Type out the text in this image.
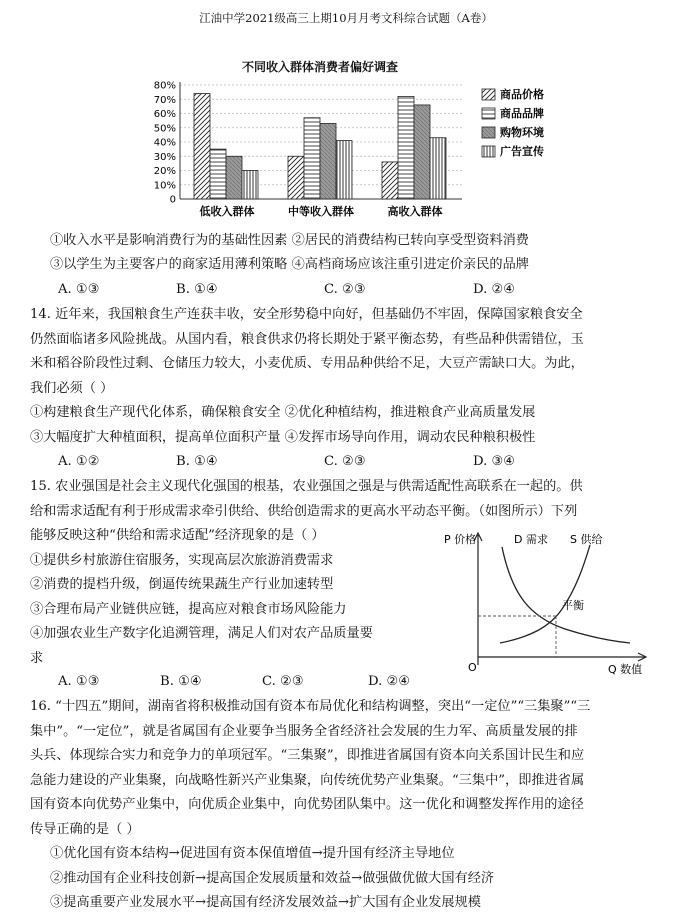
江油中学2021级高三上期10月月考文科综合试题（A卷）
不同收入群体消费者偏好调查
0
10%
20%
30%
40%
50%
60%
70%
80%
低收入群体	中等收入群体	高收入群体
商品价格
商品品牌
购物环境
广告宣传
①收入水平是影响消费行为的基础性因素 ②居民的消费结构已转向享受型资料消费
③以学生为主要客户的商家适用薄利策略 ④高档商场应该注重引进定价亲民的品牌
A. ①③	B. ①④	C. ②③	D. ②④
14. 近年来，我国粮食生产连获丰收，安全形势稳中向好，但基础仍不牢固，保障国家粮食安全
仍然面临诸多风险挑战。从国内看，粮食供求仍将长期处于紧平衡态势，有些品种供需错位，玉
米和稻谷阶段性过剩、仓储压力较大，小麦优质、专用品种供给不足，大豆产需缺口大。为此，
我们必须（ ）
①构建粮食生产现代化体系，确保粮食安全 ②优化种植结构，推进粮食产业高质量发展
③大幅度扩大种植面积，提高单位面积产量 ④发挥市场导向作用，调动农民种粮积极性
A. ①②	B. ①④	C. ②③	D. ③④
15. 农业强国是社会主义现代化强国的根基，农业强国之强是与供需适配性高联系在一起的。供
给和需求适配有利于形成需求牵引供给、供给创造需求的更高水平动态平衡。（如图所示）下列
能够反映这种“供给和需求适配”经济现象的是（ ）
①提供乡村旅游住宿服务，实现高层次旅游消费需求
②消费的提档升级，倒逼传统果蔬生产行业加速转型
③合理布局产业链供应链，提高应对粮食市场风险能力
④加强农业生产数字化追溯管理，满足人们对农产品质量要
求
A. ①③	B. ①④	C. ②③	D. ②④
16. “十四五”期间，湖南省将积极推动国有资本布局优化和结构调整，突出“一定位”“三集聚”“三
集中”。“一定位”，就是省属国有企业要争当服务全省经济社会发展的生力军、高质量发展的排
头兵、体现综合实力和竞争力的单项冠军。“三集聚”，即推进省属国有资本向关系国计民生和应
急能力建设的产业集聚，向战略性新兴产业集聚，向传统优势产业集聚。“三集中”，即推进省属
国有资本向优势产业集中，向优质企业集中，向优势团队集中。这一优化和调整发挥作用的途径
传导正确的是（ ）
①优化国有资本结构→促进国有资本保值增值→提升国有经济主导地位
②推动国有企业科技创新→提高国企发展质量和效益→做强做优做大国有经济
③提高重要产业发展水平→提高国有经济发展效益→扩大国有企业发展规模
P 价格	D 需求 S 供给
平衡
O	Q 数值
